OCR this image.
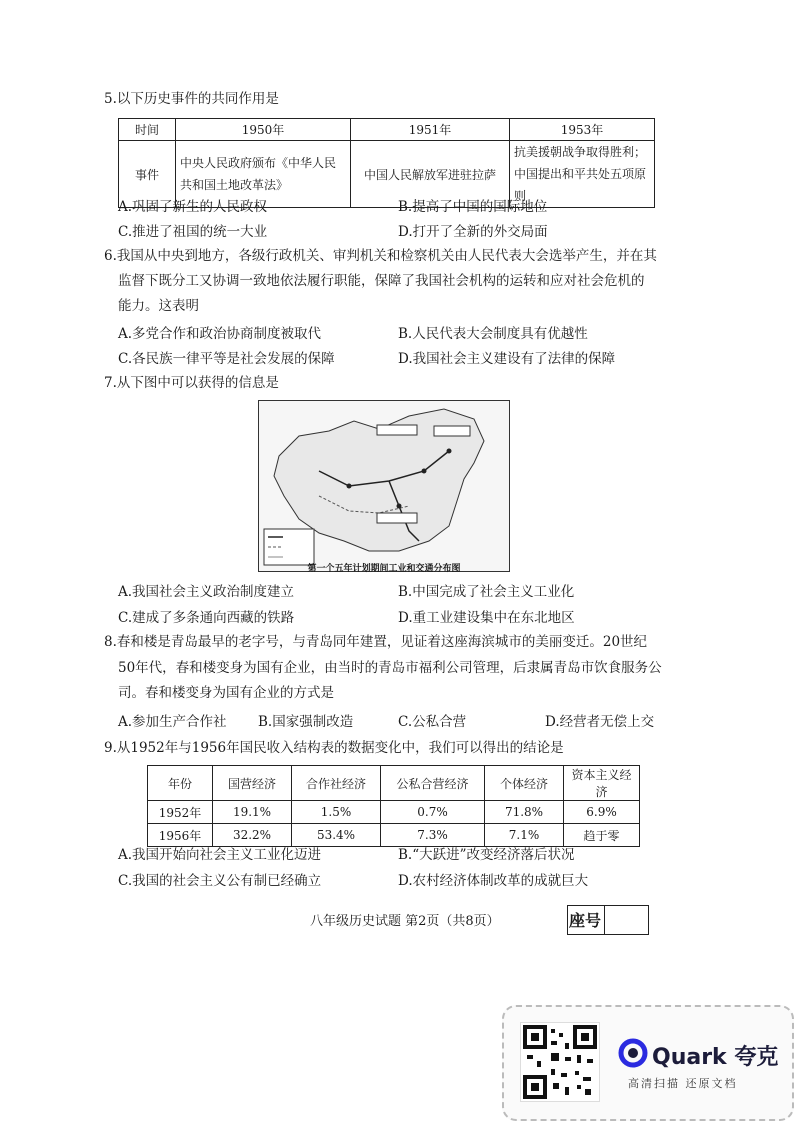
5.以下历史事件的共同作用是
时间	1950年	1951年	1953年
事件	中央人民政府颁布《中华人民共和国土地改革法》	中国人民解放军进驻拉萨	抗美援朝战争取得胜利；中国提出和平共处五项原则
A.巩固了新生的人民政权	B.提高了中国的国际地位
C.推进了祖国的统一大业	D.打开了全新的外交局面
6.我国从中央到地方，各级行政机关、审判机关和检察机关由人民代表大会选举产生，并在其
监督下既分工又协调一致地依法履行职能，保障了我国社会机构的运转和应对社会危机的
能力。这表明
A.多党合作和政治协商制度被取代	B.人民代表大会制度具有优越性
C.各民族一律平等是社会发展的保障	D.我国社会主义建设有了法律的保障
7.从下图中可以获得的信息是
第一个五年计划期间工业和交通分布图
A.我国社会主义政治制度建立	B.中国完成了社会主义工业化
C.建成了多条通向西藏的铁路	D.重工业建设集中在东北地区
8.春和楼是青岛最早的老字号，与青岛同年建置，见证着这座海滨城市的美丽变迁。20世纪
50年代，春和楼变身为国有企业，由当时的青岛市福利公司管理，后隶属青岛市饮食服务公
司。春和楼变身为国有企业的方式是
A.参加生产合作社 B.国家强制改造	C.公私合营	D.经营者无偿上交
9.从1952年与1956年国民收入结构表的数据变化中，我们可以得出的结论是
年份	国营经济	合作社经济	公私合营经济	个体经济	资本主义经济
1952年	19.1%	1.5%	0.7%	71.8%	6.9%
1956年	32.2%	53.4%	7.3%	7.1%	趋于零
A.我国开始向社会主义工业化迈进	B.“大跃进”改变经济落后状况
C.我国的社会主义公有制已经确立	D.农村经济体制改革的成就巨大
八年级历史试题 第2页（共8页）	座号
Quark 夸克
高清扫描 还原文档
